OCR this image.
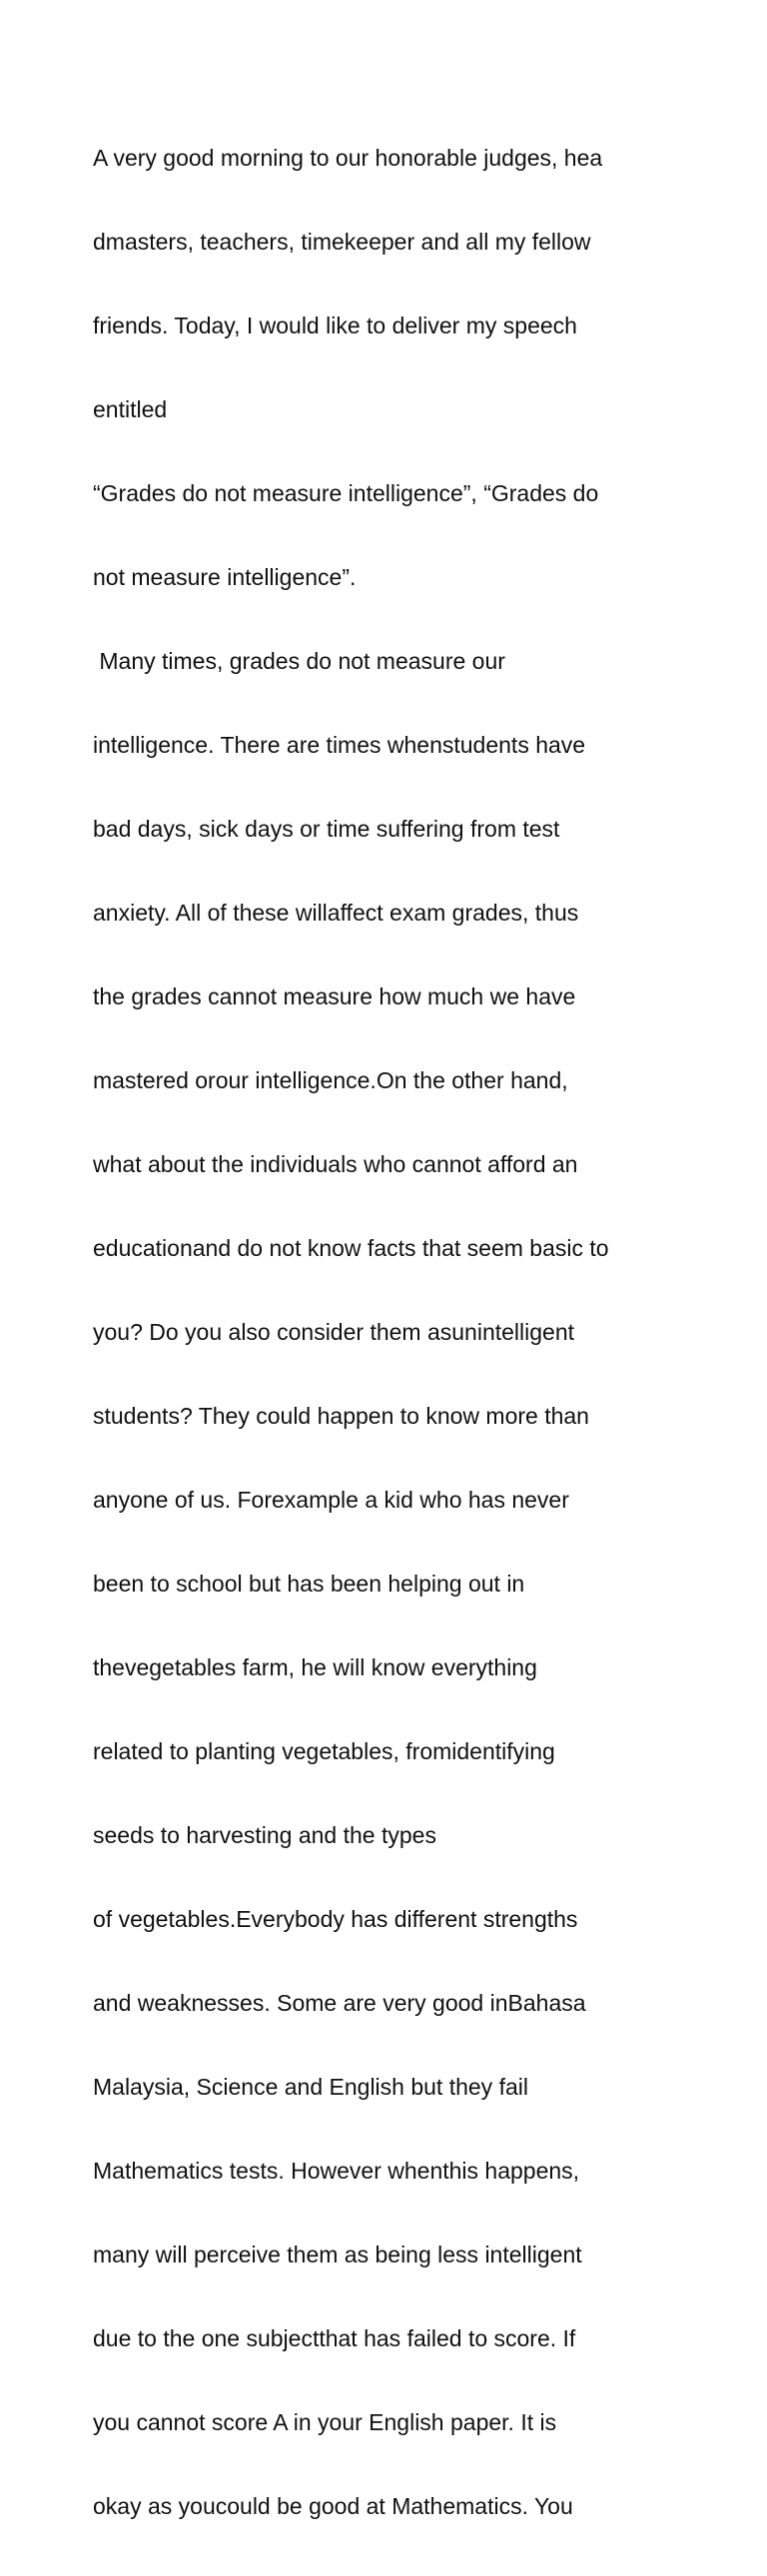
A very good morning to our honorable judges, hea

dmasters, teachers, timekeeper and all my fellow

friends. Today, I would like to deliver my speech

entitled

“Grades do not measure intelligence”, “Grades do

not measure intelligence”.

Many times, grades do not measure our

intelligence. There are times whenstudents have

bad days, sick days or time suffering from test

anxiety. All of these willaffect exam grades, thus

the grades cannot measure how much we have

mastered orour intelligence.On the other hand,

what about the individuals who cannot afford an

educationand do not know facts that seem basic to

you? Do you also consider them asunintelligent

students? They could happen to know more than

anyone of us. Forexample a kid who has never

been to school but has been helping out in

thevegetables farm, he will know everything

related to planting vegetables, fromidentifying

seeds to harvesting and the types

of vegetables.Everybody has different strengths

and weaknesses. Some are very good inBahasa

Malaysia, Science and English but they fail

Mathematics tests. However whenthis happens,

many will perceive them as being less intelligent

due to the one subjectthat has failed to score. If

you cannot score A in your English paper. It is

okay as youcould be good at Mathematics. You
